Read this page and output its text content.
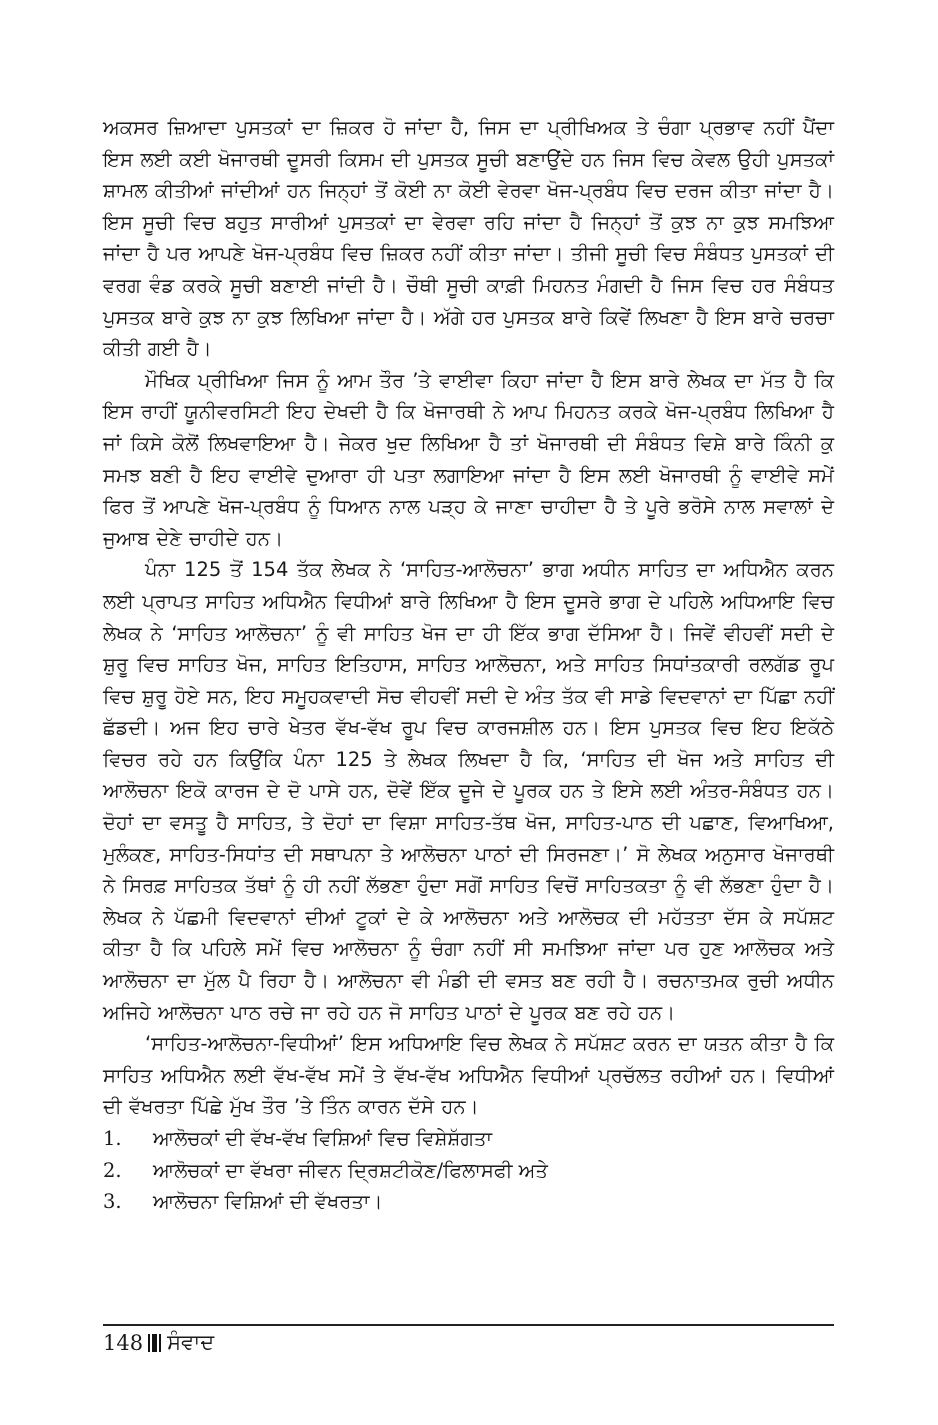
ਅਕਸਰ ਜ਼ਿਆਦਾ ਪੁਸਤਕਾਂ ਦਾ ਜ਼ਿਕਰ ਹੋ ਜਾਂਦਾ ਹੈ, ਜਿਸ ਦਾ ਪ੍ਰੀਖਿਅਕ ਤੇ ਚੰਗਾ ਪ੍ਰਭਾਵ ਨਹੀਂ ਪੈਂਦਾ ਇਸ ਲਈ ਕਈ ਖੋਜਾਰਥੀ ਦੂਸਰੀ ਕਿਸਮ ਦੀ ਪੁਸਤਕ ਸੂਚੀ ਬਣਾਉਂਦੇ ਹਨ ਜਿਸ ਵਿਚ ਕੇਵਲ ਉਹੀ ਪੁਸਤਕਾਂ ਸ਼ਾਮਲ ਕੀਤੀਆਂ ਜਾਂਦੀਆਂ ਹਨ ਜਿਨ੍ਹਾਂ ਤੋਂ ਕੋਈ ਨਾ ਕੋਈ ਵੇਰਵਾ ਖੋਜ-ਪ੍ਰਬੰਧ ਵਿਚ ਦਰਜ ਕੀਤਾ ਜਾਂਦਾ ਹੈ। ਇਸ ਸੂਚੀ ਵਿਚ ਬਹੁਤ ਸਾਰੀਆਂ ਪੁਸਤਕਾਂ ਦਾ ਵੇਰਵਾ ਰਹਿ ਜਾਂਦਾ ਹੈ ਜਿਨ੍ਹਾਂ ਤੋਂ ਕੁਝ ਨਾ ਕੁਝ ਸਮਝਿਆ ਜਾਂਦਾ ਹੈ ਪਰ ਆਪਣੇ ਖੋਜ-ਪ੍ਰਬੰਧ ਵਿਚ ਜ਼ਿਕਰ ਨਹੀਂ ਕੀਤਾ ਜਾਂਦਾ। ਤੀਜੀ ਸੂਚੀ ਵਿਚ ਸੰਬੰਧਤ ਪੁਸਤਕਾਂ ਦੀ ਵਰਗ ਵੰਡ ਕਰਕੇ ਸੂਚੀ ਬਣਾਈ ਜਾਂਦੀ ਹੈ। ਚੌਥੀ ਸੂਚੀ ਕਾਫ਼ੀ ਮਿਹਨਤ ਮੰਗਦੀ ਹੈ ਜਿਸ ਵਿਚ ਹਰ ਸੰਬੰਧਤ ਪੁਸਤਕ ਬਾਰੇ ਕੁਝ ਨਾ ਕੁਝ ਲਿਖਿਆ ਜਾਂਦਾ ਹੈ। ਅੱਗੇ ਹਰ ਪੁਸਤਕ ਬਾਰੇ ਕਿਵੇਂ ਲਿਖਣਾ ਹੈ ਇਸ ਬਾਰੇ ਚਰਚਾ ਕੀਤੀ ਗਈ ਹੈ।

ਮੌਖਿਕ ਪ੍ਰੀਖਿਆ ਜਿਸ ਨੂੰ ਆਮ ਤੌਰ ’ਤੇ ਵਾਈਵਾ ਕਿਹਾ ਜਾਂਦਾ ਹੈ ਇਸ ਬਾਰੇ ਲੇਖਕ ਦਾ ਮੱਤ ਹੈ ਕਿ ਇਸ ਰਾਹੀਂ ਯੂਨੀਵਰਸਿਟੀ ਇਹ ਦੇਖਦੀ ਹੈ ਕਿ ਖੋਜਾਰਥੀ ਨੇ ਆਪ ਮਿਹਨਤ ਕਰਕੇ ਖੋਜ-ਪ੍ਰਬੰਧ ਲਿਖਿਆ ਹੈ ਜਾਂ ਕਿਸੇ ਕੋਲੋਂ ਲਿਖਵਾਇਆ ਹੈ। ਜੇਕਰ ਖੁਦ ਲਿਖਿਆ ਹੈ ਤਾਂ ਖੋਜਾਰਥੀ ਦੀ ਸੰਬੰਧਤ ਵਿਸ਼ੇ ਬਾਰੇ ਕਿੰਨੀ ਕੁ ਸਮਝ ਬਣੀ ਹੈ ਇਹ ਵਾਈਵੇ ਦੁਆਰਾ ਹੀ ਪਤਾ ਲਗਾਇਆ ਜਾਂਦਾ ਹੈ ਇਸ ਲਈ ਖੋਜਾਰਥੀ ਨੂੰ ਵਾਈਵੇ ਸਮੇਂ ਫਿਰ ਤੋਂ ਆਪਣੇ ਖੋਜ-ਪ੍ਰਬੰਧ ਨੂੰ ਧਿਆਨ ਨਾਲ ਪੜ੍ਹ ਕੇ ਜਾਣਾ ਚਾਹੀਦਾ ਹੈ ਤੇ ਪੂਰੇ ਭਰੋਸੇ ਨਾਲ ਸਵਾਲਾਂ ਦੇ ਜੁਆਬ ਦੇਣੇ ਚਾਹੀਦੇ ਹਨ।

ਪੰਨਾ 125 ਤੋਂ 154 ਤੱਕ ਲੇਖਕ ਨੇ ‘ਸਾਹਿਤ-ਆਲੋਚਨਾ’ ਭਾਗ ਅਧੀਨ ਸਾਹਿਤ ਦਾ ਅਧਿਐਨ ਕਰਨ ਲਈ ਪ੍ਰਾਪਤ ਸਾਹਿਤ ਅਧਿਐਨ ਵਿਧੀਆਂ ਬਾਰੇ ਲਿਖਿਆ ਹੈ ਇਸ ਦੂਸਰੇ ਭਾਗ ਦੇ ਪਹਿਲੇ ਅਧਿਆਇ ਵਿਚ ਲੇਖਕ ਨੇ ‘ਸਾਹਿਤ ਆਲੋਚਨਾ’ ਨੂੰ ਵੀ ਸਾਹਿਤ ਖੋਜ ਦਾ ਹੀ ਇੱਕ ਭਾਗ ਦੱਸਿਆ ਹੈ। ਜਿਵੇਂ ਵੀਹਵੀਂ ਸਦੀ ਦੇ ਸ਼ੁਰੂ ਵਿਚ ਸਾਹਿਤ ਖੋਜ, ਸਾਹਿਤ ਇਤਿਹਾਸ, ਸਾਹਿਤ ਆਲੋਚਨਾ, ਅਤੇ ਸਾਹਿਤ ਸਿਧਾਂਤਕਾਰੀ ਰਲਗੱਡ ਰੂਪ ਵਿਚ ਸ਼ੁਰੂ ਹੋਏ ਸਨ, ਇਹ ਸਮੂਹਕਵਾਦੀ ਸੋਚ ਵੀਹਵੀਂ ਸਦੀ ਦੇ ਅੰਤ ਤੱਕ ਵੀ ਸਾਡੇ ਵਿਦਵਾਨਾਂ ਦਾ ਪਿੱਛਾ ਨਹੀਂ ਛੱਡਦੀ। ਅਜ ਇਹ ਚਾਰੇ ਖੇਤਰ ਵੱਖ-ਵੱਖ ਰੂਪ ਵਿਚ ਕਾਰਜਸ਼ੀਲ ਹਨ। ਇਸ ਪੁਸਤਕ ਵਿਚ ਇਹ ਇਕੱਠੇ ਵਿਚਰ ਰਹੇ ਹਨ ਕਿਉਂਕਿ ਪੰਨਾ 125 ਤੇ ਲੇਖਕ ਲਿਖਦਾ ਹੈ ਕਿ, ‘ਸਾਹਿਤ ਦੀ ਖੋਜ ਅਤੇ ਸਾਹਿਤ ਦੀ ਆਲੋਚਨਾ ਇਕੋ ਕਾਰਜ ਦੇ ਦੋ ਪਾਸੇ ਹਨ, ਦੋਵੇਂ ਇੱਕ ਦੂਜੇ ਦੇ ਪੂਰਕ ਹਨ ਤੇ ਇਸੇ ਲਈ ਅੰਤਰ-ਸੰਬੰਧਤ ਹਨ। ਦੋਹਾਂ ਦਾ ਵਸਤੂ ਹੈ ਸਾਹਿਤ, ਤੇ ਦੋਹਾਂ ਦਾ ਵਿਸ਼ਾ ਸਾਹਿਤ-ਤੱਥ ਖੋਜ, ਸਾਹਿਤ-ਪਾਠ ਦੀ ਪਛਾਣ, ਵਿਆਖਿਆ, ਮੁਲੰਕਣ, ਸਾਹਿਤ-ਸਿਧਾਂਤ ਦੀ ਸਥਾਪਨਾ ਤੇ ਆਲੋਚਨਾ ਪਾਠਾਂ ਦੀ ਸਿਰਜਣਾ।’ ਸੋ ਲੇਖਕ ਅਨੁਸਾਰ ਖੋਜਾਰਥੀ ਨੇ ਸਿਰਫ਼ ਸਾਹਿਤਕ ਤੱਥਾਂ ਨੂੰ ਹੀ ਨਹੀਂ ਲੱਭਣਾ ਹੁੰਦਾ ਸਗੋਂ ਸਾਹਿਤ ਵਿਚੋਂ ਸਾਹਿਤਕਤਾ ਨੂੰ ਵੀ ਲੱਭਣਾ ਹੁੰਦਾ ਹੈ। ਲੇਖਕ ਨੇ ਪੱਛਮੀ ਵਿਦਵਾਨਾਂ ਦੀਆਂ ਟੂਕਾਂ ਦੇ ਕੇ ਆਲੋਚਨਾ ਅਤੇ ਆਲੋਚਕ ਦੀ ਮਹੱਤਤਾ ਦੱਸ ਕੇ ਸਪੱਸ਼ਟ ਕੀਤਾ ਹੈ ਕਿ ਪਹਿਲੇ ਸਮੇਂ ਵਿਚ ਆਲੋਚਨਾ ਨੂੰ ਚੰਗਾ ਨਹੀਂ ਸੀ ਸਮਝਿਆ ਜਾਂਦਾ ਪਰ ਹੁਣ ਆਲੋਚਕ ਅਤੇ ਆਲੋਚਨਾ ਦਾ ਮੁੱਲ ਪੈ ਰਿਹਾ ਹੈ। ਆਲੋਚਨਾ ਵੀ ਮੰਡੀ ਦੀ ਵਸਤ ਬਣ ਰਹੀ ਹੈ। ਰਚਨਾਤਮਕ ਰੁਚੀ ਅਧੀਨ ਅਜਿਹੇ ਆਲੋਚਨਾ ਪਾਠ ਰਚੇ ਜਾ ਰਹੇ ਹਨ ਜੋ ਸਾਹਿਤ ਪਾਠਾਂ ਦੇ ਪੂਰਕ ਬਣ ਰਹੇ ਹਨ।

‘ਸਾਹਿਤ-ਆਲੋਚਨਾ-ਵਿਧੀਆਂ’ ਇਸ ਅਧਿਆਇ ਵਿਚ ਲੇਖਕ ਨੇ ਸਪੱਸ਼ਟ ਕਰਨ ਦਾ ਯਤਨ ਕੀਤਾ ਹੈ ਕਿ ਸਾਹਿਤ ਅਧਿਐਨ ਲਈ ਵੱਖ-ਵੱਖ ਸਮੇਂ ਤੇ ਵੱਖ-ਵੱਖ ਅਧਿਐਨ ਵਿਧੀਆਂ ਪ੍ਰਚੱਲਤ ਰਹੀਆਂ ਹਨ। ਵਿਧੀਆਂ ਦੀ ਵੱਖਰਤਾ ਪਿੱਛੇ ਮੁੱਖ ਤੌਰ ’ਤੇ ਤਿੰਨ ਕਾਰਨ ਦੱਸੇ ਹਨ।

1.	ਆਲੋਚਕਾਂ ਦੀ ਵੱਖ-ਵੱਖ ਵਿਸ਼ਿਆਂ ਵਿਚ ਵਿਸ਼ੇਸ਼ੱਗਤਾ
2.	ਆਲੋਚਕਾਂ ਦਾ ਵੱਖਰਾ ਜੀਵਨ ਦ੍ਰਿਸ਼ਟੀਕੋਣ/ਫਿਲਾਸਫੀ ਅਤੇ
3.	ਆਲੋਚਨਾ ਵਿਸ਼ਿਆਂ ਦੀ ਵੱਖਰਤਾ।
148 ਸੰਵਾਦ
